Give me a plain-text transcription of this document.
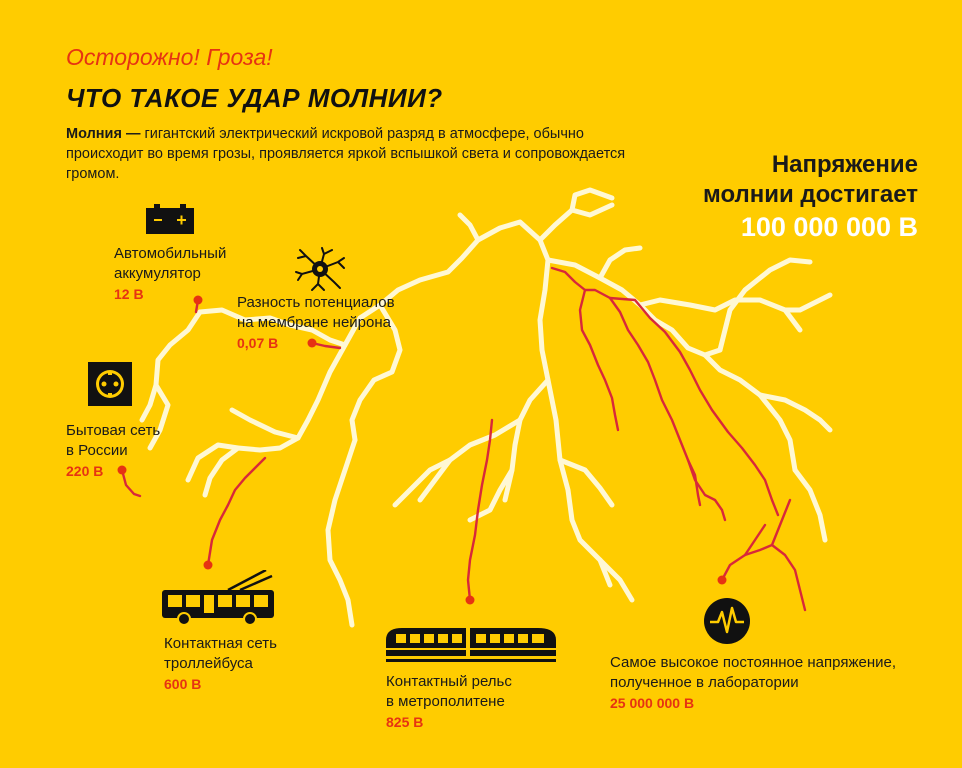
Осторожно! Гроза!
ЧТО ТАКОЕ УДАР МОЛНИИ?
Молния — гигантский электрический искровой разряд в атмосфере, обычно происходит во время грозы, проявляется яркой вспышкой света и сопровождается громом.	Напряжение
молнии достигает
100 000 000 В
Автомобильный
аккумулятор
12 В	Разность потенциалов
на мембране нейрона
0,07 В
Бытовая сеть
в России
220 В
Контактная сеть
троллейбуса
600 В	Контактный рельс
в метрополитене
825 В
Самое высокое постоянное напряжение,
полученное в лаборатории
25 000 000 В
